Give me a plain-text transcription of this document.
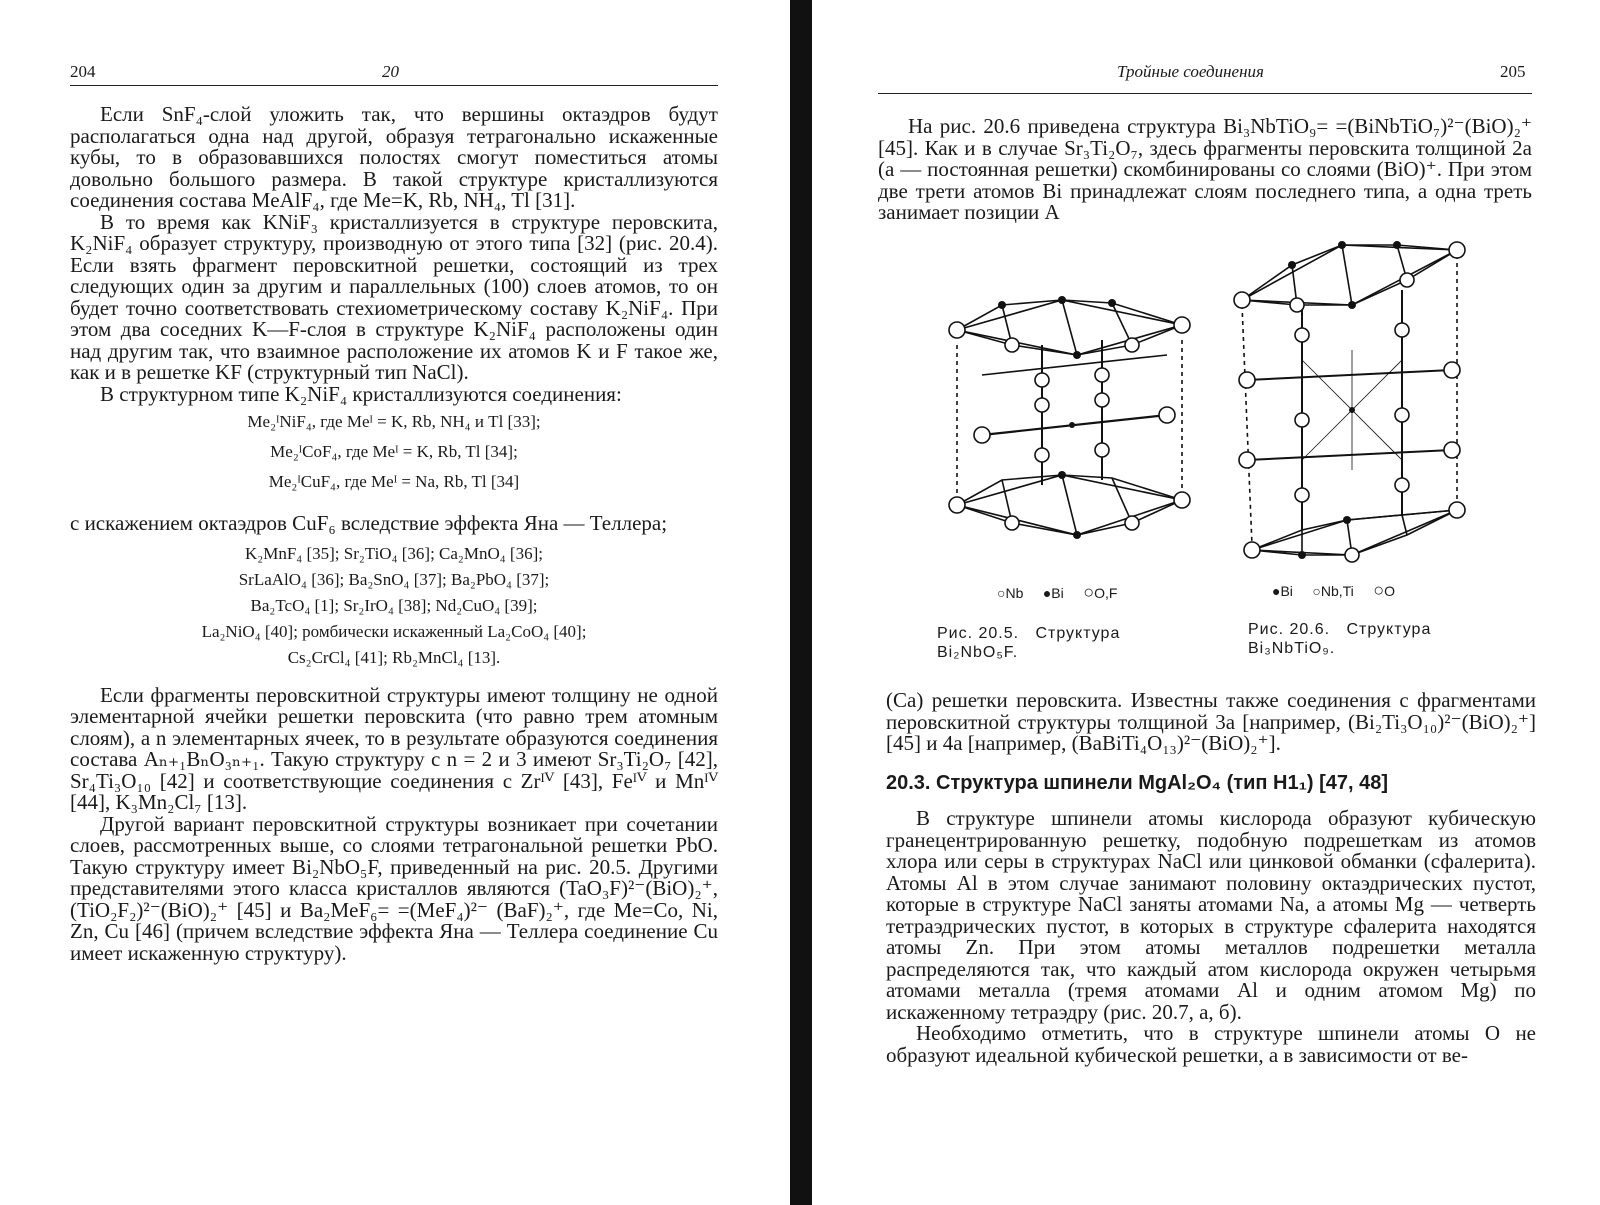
204	20

Если SnF₄-слой уложить так, что вершины октаэдров будут располагаться одна над другой, образуя тетрагонально искаженные кубы, то в образовавшихся полостях смогут поместиться атомы довольно большого размера. В такой структуре кристаллизуются соединения состава MeAlF₄, где Me=K, Rb, NH₄, Tl [31].

В то время как KNiF₃ кристаллизуется в структуре перовскита, K₂NiF₄ образует структуру, производную от этого типа [32] (рис. 20.4). Если взять фрагмент перовскитной решетки, состоящий из трех следующих один за другим и параллельных (100) слоев атомов, то он будет точно соответствовать стехиометрическому составу K₂NiF₄. При этом два соседних K—F-слоя в структуре K₂NiF₄ расположены один над другим так, что взаимное расположение их атомов K и F такое же, как и в решетке KF (структурный тип NaCl).

В структурном типе K₂NiF₄ кристаллизуются соединения:

Me₂ᴵNiF₄, где Meᴵ = K, Rb, NH₄ и Tl [33];
Me₂ᴵCoF₄, где Meᴵ = K, Rb, Tl [34];
Me₂ᴵCuF₄, где Meᴵ = Na, Rb, Tl [34]

с искажением октаэдров CuF₆ вследствие эффекта Яна — Теллера;

K₂MnF₄ [35]; Sr₂TiO₄ [36]; Ca₂MnO₄ [36];
SrLaAlO₄ [36]; Ba₂SnO₄ [37]; Ba₂PbO₄ [37];
Ba₂TcO₄ [1]; Sr₂IrO₄ [38]; Nd₂CuO₄ [39];
La₂NiO₄ [40]; ромбически искаженный La₂CoO₄ [40];
Cs₂CrCl₄ [41]; Rb₂MnCl₄ [13].

Если фрагменты перовскитной структуры имеют толщину не одной элементарной ячейки решетки перовскита (что равно трем атомным слоям), а n элементарных ячеек, то в результате образуются соединения состава Aₙ₊₁BₙO₃ₙ₊₁. Такую структуру с n = 2 и 3 имеют Sr₃Ti₂O₇ [42], Sr₄Ti₃O₁₀ [42] и соответствующие соединения с Zrᴵⱽ [43], Feᴵⱽ и Mnᴵⱽ [44], K₃Mn₂Cl₇ [13].

Другой вариант перовскитной структуры возникает при сочетании слоев, рассмотренных выше, со слоями тетрагональной решетки PbO. Такую структуру имеет Bi₂NbO₅F, приведенный на рис. 20.5. Другими представителями этого класса кристаллов являются (TaO₃F)²⁻(BiO)₂⁺, (TiO₂F₂)²⁻(BiO)₂⁺ [45] и Ba₂MeF₆= =(MeF₄)²⁻ (BaF)₂⁺, где Me=Co, Ni, Zn, Cu [46] (причем вследствие эффекта Яна — Теллера соединение Cu имеет искаженную структуру).

Тройные соединения	205

На рис. 20.6 приведена структура Bi₃NbTiO₉= =(BiNbTiO₇)²⁻(BiO)₂⁺ [45]. Как и в случае Sr₃Ti₂O₇, здесь фрагменты перовскита толщиной 2a (a — постоянная решетки) скомбинированы со слоями (BiO)⁺. При этом две трети атомов Bi принадлежат слоям последнего типа, а одна треть занимает позиции A

○Nb ●Bi ○O,F
Рис. 20.5. Структура
Bi₂NbO₅F.
●Bi ○Nb,Ti ○O
Рис. 20.6. Структура
Bi₃NbTiO₉.

(Ca) решетки перовскита. Известны также соединения с фрагментами перовскитной структуры толщиной 3a [например, (Bi₂Ti₃O₁₀)²⁻(BiO)₂⁺] [45] и 4a [например, (BaBiTi₄O₁₃)²⁻(BiO)₂⁺].

20.3. Структура шпинели MgAl₂O₄ (тип H1₁) [47, 48]

В структуре шпинели атомы кислорода образуют кубическую гранецентрированную решетку, подобную подрешеткам из атомов хлора или серы в структурах NaCl или цинковой обманки (сфалерита). Атомы Al в этом случае занимают половину октаэдрических пустот, которые в структуре NaCl заняты атомами Na, а атомы Mg — четверть тетраэдрических пустот, в которых в структуре сфалерита находятся атомы Zn. При этом атомы металлов подрешетки металла распределяются так, что каждый атом кислорода окружен четырьмя атомами металла (тремя атомами Al и одним атомом Mg) по искаженному тетраэдру (рис. 20.7, a, б).

Необходимо отметить, что в структуре шпинели атомы O не образуют идеальной кубической решетки, а в зависимости от ве-
